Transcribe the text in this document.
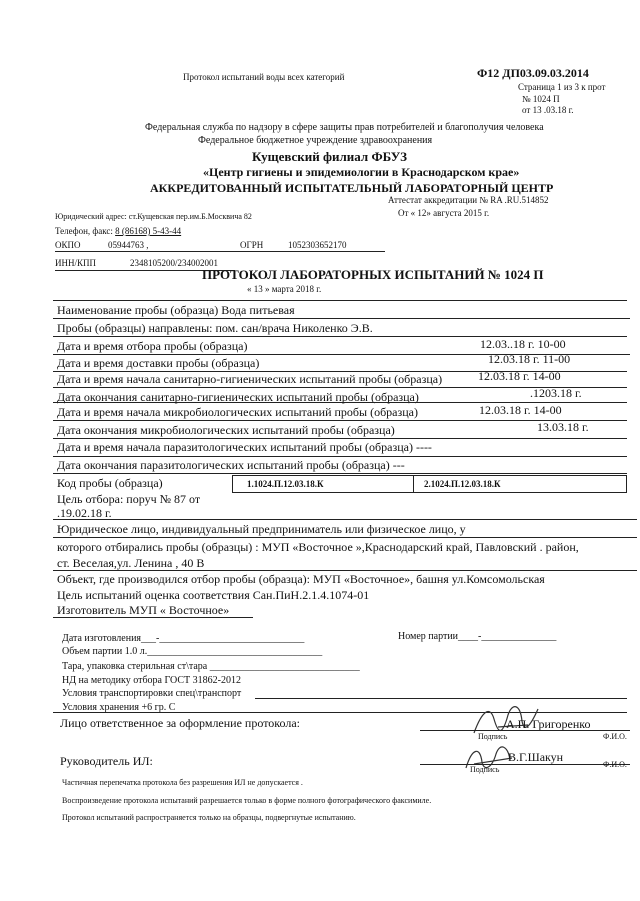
Протокол испытаний воды всех категорий	Ф12 ДП03.09.03.2014
Страница 1 из 3 к прот
№ 1024 П
от 13 .03.18 г.
Федеральная служба по надзору в сфере защиты прав потребителей и благополучия человека
Федеральное бюджетное учреждение здравоохранения
Кущевский филиал ФБУЗ
«Центр гигиены и эпидемиологии в Краснодарском крае»
АККРЕДИТОВАННЫЙ ИСПЫТАТЕЛЬНЫЙ ЛАБОРАТОРНЫЙ ЦЕНТР
Аттестат аккредитации № RA .RU.514852
От « 12» августа 2015 г.
Юридический адрес: ст.Кущевская пер.им.Б.Москвича 82
Телефон, факс: 8 (86168) 5-43-44
ОКПО	05944763 ,	ОГРН	1052303652170
ИНН/КПП	2348105200/234002001
ПРОТОКОЛ ЛАБОРАТОРНЫХ ИСПЫТАНИЙ № 1024 П
« 13 » марта 2018 г.
Наименование пробы (образца) Вода питьевая
Пробы (образцы) направлены: пом. сан/врача Николенко Э.В.
Дата и время отбора пробы (образца)	12.03..18 г. 10-00
Дата и время доставки пробы (образца)	12.03.18 г. 11-00
Дата и время начала санитарно-гигиенических испытаний пробы (образца)	12.03.18 г. 14-00
Дата окончания санитарно-гигиенических испытаний пробы (образца)	.1203.18 г.
Дата и время начала микробиологических испытаний пробы (образца)	12.03.18 г. 14-00
Дата окончания микробиологических испытаний пробы (образца)	13.03.18 г.
Дата и время начала паразитологических испытаний пробы (образца) ----
Дата окончания паразитологических испытаний пробы (образца) ---
Код пробы (образца)	1.1024.П.12.03.18.К	2.1024.П.12.03.18.К
Цель отбора: поруч № 87 от
.19.02.18 г.
Юридическое лицо, индивидуальный предприниматель или физическое лицо, у
которого отбирались пробы (образцы) : МУП «Восточное »,Краснодарский край, Павловский . район,
ст. Веселая,ул. Ленина , 40 В
Объект, где производился отбор пробы (образца): МУП «Восточное», башня ул.Комсомольская
Цель испытаний оценка соответствия Сан.ПиН.2.1.4.1074-01
Изготовитель МУП « Восточное»
Дата изготовления___-_____________________________	Номер партии____-_______________
Объем партии 1.0 л.___________________________________
Тара, упаковка стерильная ст\тара ______________________________
НД на методику отбора ГОСТ 31862-2012
Условия транспортировки спец\транспорт
Условия хранения +6 гр. С
Лицо ответственное за оформление протокола:	А.П. Григоренко
Подпись	Ф.И.О.
Руководитель ИЛ:	В.Г.Шакун
Подпись
Ф.И.О.
Частичная перепечатка протокола без разрешения ИЛ не допускается .
Воспроизведение протокола испытаний разрешается только в форме полного фотографического факсимиле.
Протокол испытаний распространяется только на образцы, подвергнутые испытанию.
